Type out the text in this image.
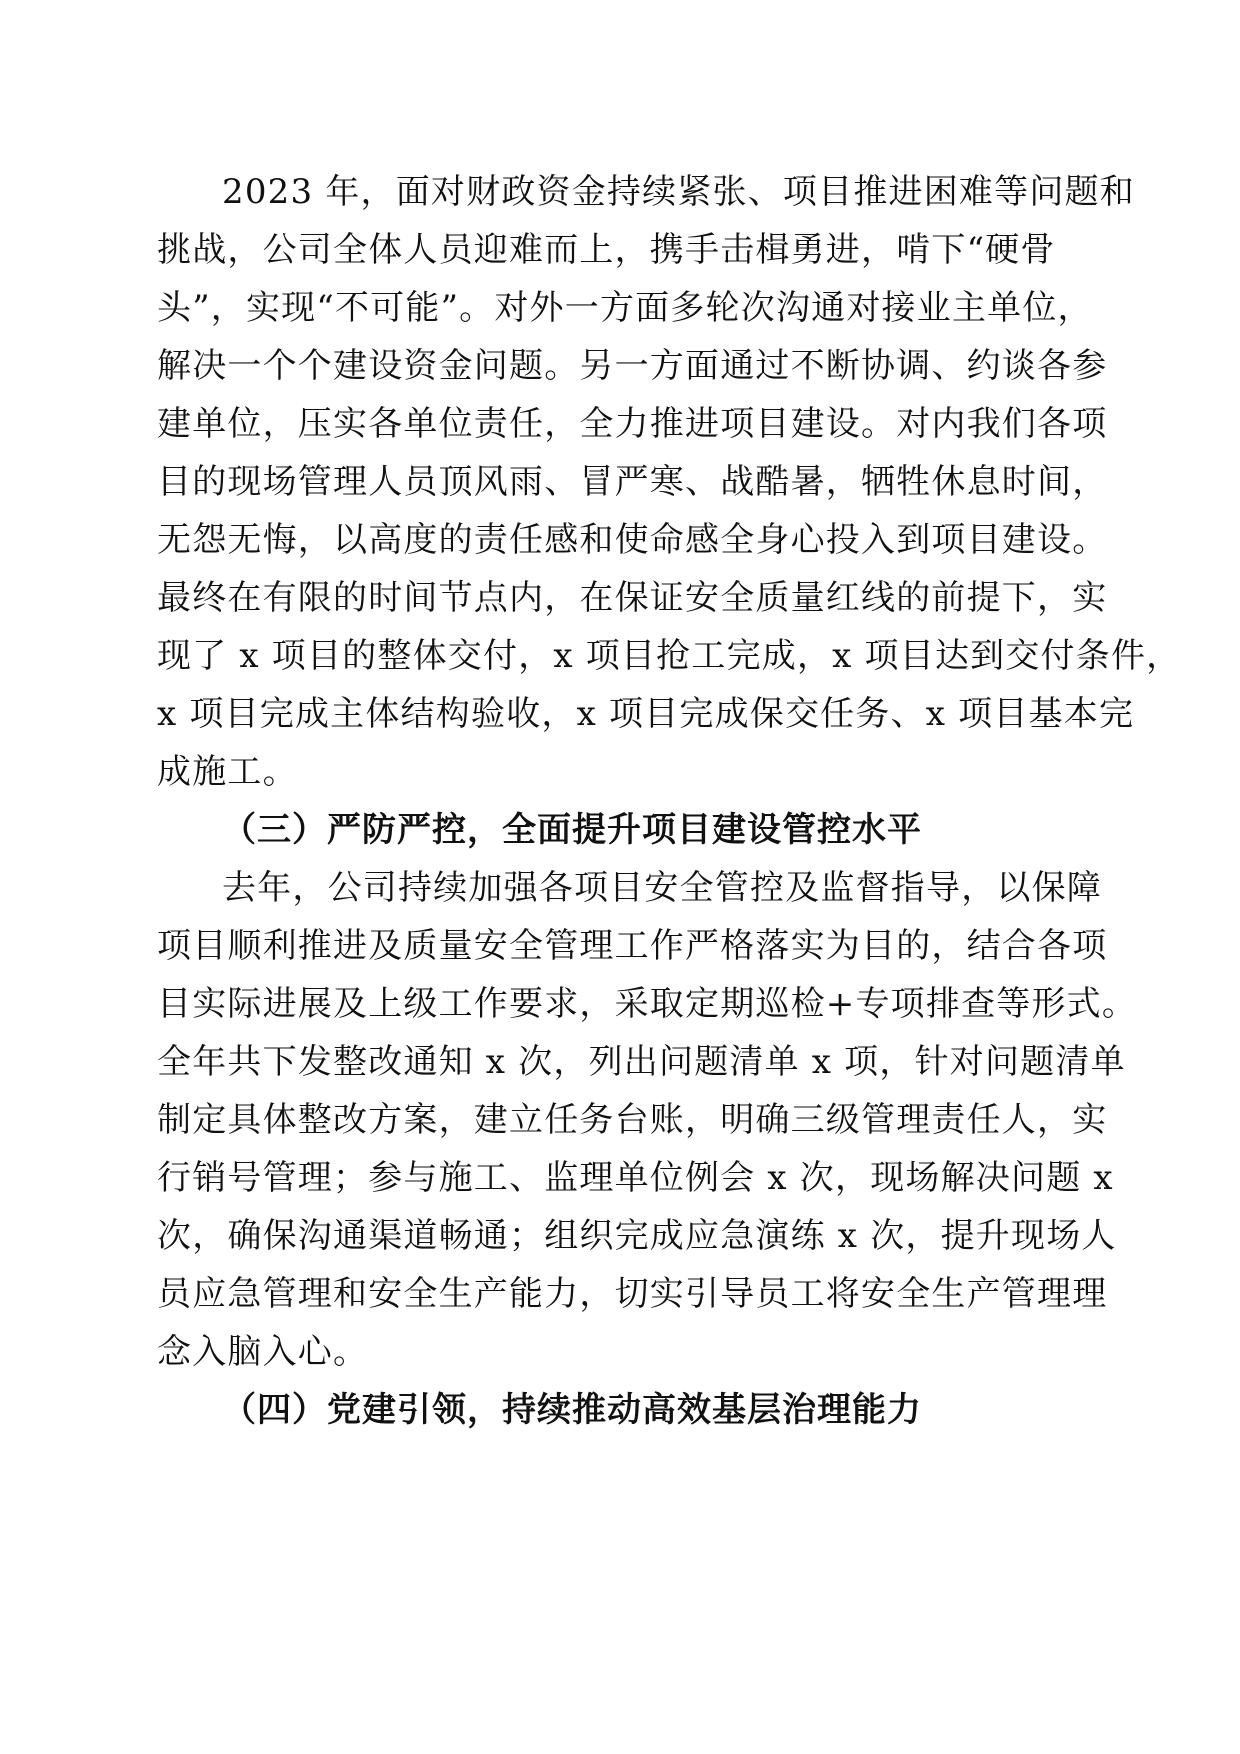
2023 年，面对财政资金持续紧张、项目推进困难等问题和
挑战，公司全体人员迎难而上，携手击楫勇进，啃下“硬骨
头”，实现“不可能”。对外一方面多轮次沟通对接业主单位，
解决一个个建设资金问题。另一方面通过不断协调、约谈各参
建单位，压实各单位责任，全力推进项目建设。对内我们各项
目的现场管理人员顶风雨、冒严寒、战酷暑，牺牲休息时间，
无怨无悔，以高度的责任感和使命感全身心投入到项目建设。
最终在有限的时间节点内，在保证安全质量红线的前提下，实
现了 x 项目的整体交付，x 项目抢工完成，x 项目达到交付条件，
x 项目完成主体结构验收，x 项目完成保交任务、x 项目基本完
成施工。
（三）严防严控，全面提升项目建设管控水平
去年，公司持续加强各项目安全管控及监督指导，以保障
项目顺利推进及质量安全管理工作严格落实为目的，结合各项
目实际进展及上级工作要求，采取定期巡检+专项排查等形式。
全年共下发整改通知 x 次，列出问题清单 x 项，针对问题清单
制定具体整改方案，建立任务台账，明确三级管理责任人，实
行销号管理；参与施工、监理单位例会 x 次，现场解决问题 x
次，确保沟通渠道畅通；组织完成应急演练 x 次，提升现场人
员应急管理和安全生产能力，切实引导员工将安全生产管理理
念入脑入心。
（四）党建引领，持续推动高效基层治理能力
